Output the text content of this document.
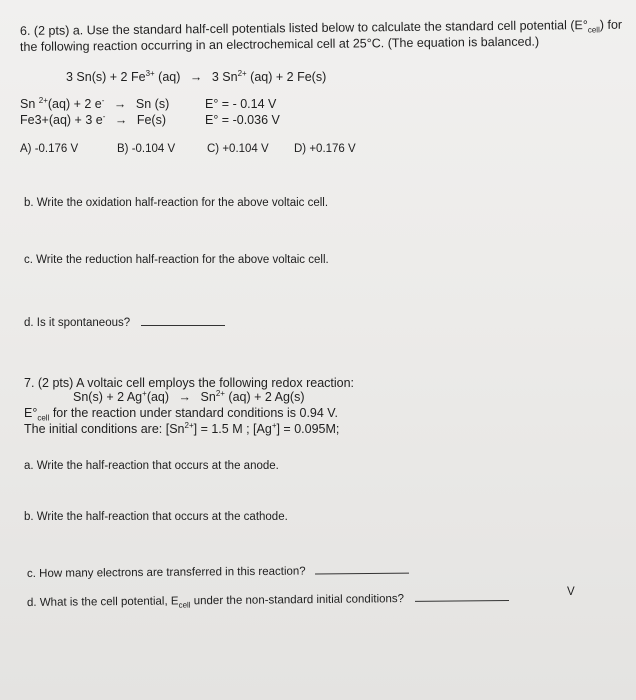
6. (2 pts) a. Use the standard half-cell potentials listed below to calculate the standard cell potential $(E^\circ_{cell})$ for
the following reaction occurring in an electrochemical cell at 25°C. (The equation is balanced.)
3 Sn(s) + 2 $Fe^{3+}$ (aq) → 3 $Sn^{2+}$ (aq) + 2 Fe(s)
Sn $^{2+}$(aq) + 2 e- → Sn (s)	E° = - 0.14 V
Fe3+(aq) + 3 e- → Fe(s)	E° = -0.036 V
A) -0.176 V	B) -0.104 V	C) +0.104 V D) +0.176 V
b. Write the oxidation half-reaction for the above voltaic cell.
c. Write the reduction half-reaction for the above voltaic cell.
d. Is it spontaneous?
7. (2 pts) A voltaic cell employs the following redox reaction:
Sn(s) + 2 $Ag^+(aq) \to Sn^{2+}$ (aq) + 2 Ag(s)
$E^\circ_{cell}$ for the reaction under standard conditions is 0.94 V.
The initial conditions are: $[Sn^{2+}] = 1.5$ M ; [Ag+] = 0.095M;
a. Write the half-reaction that occurs at the anode.
b. Write the half-reaction that occurs at the cathode.
c. How many electrons are transferred in this reaction?
d. What is the cell potential, $E_{cell}$ under the non-standard initial conditions?
V
